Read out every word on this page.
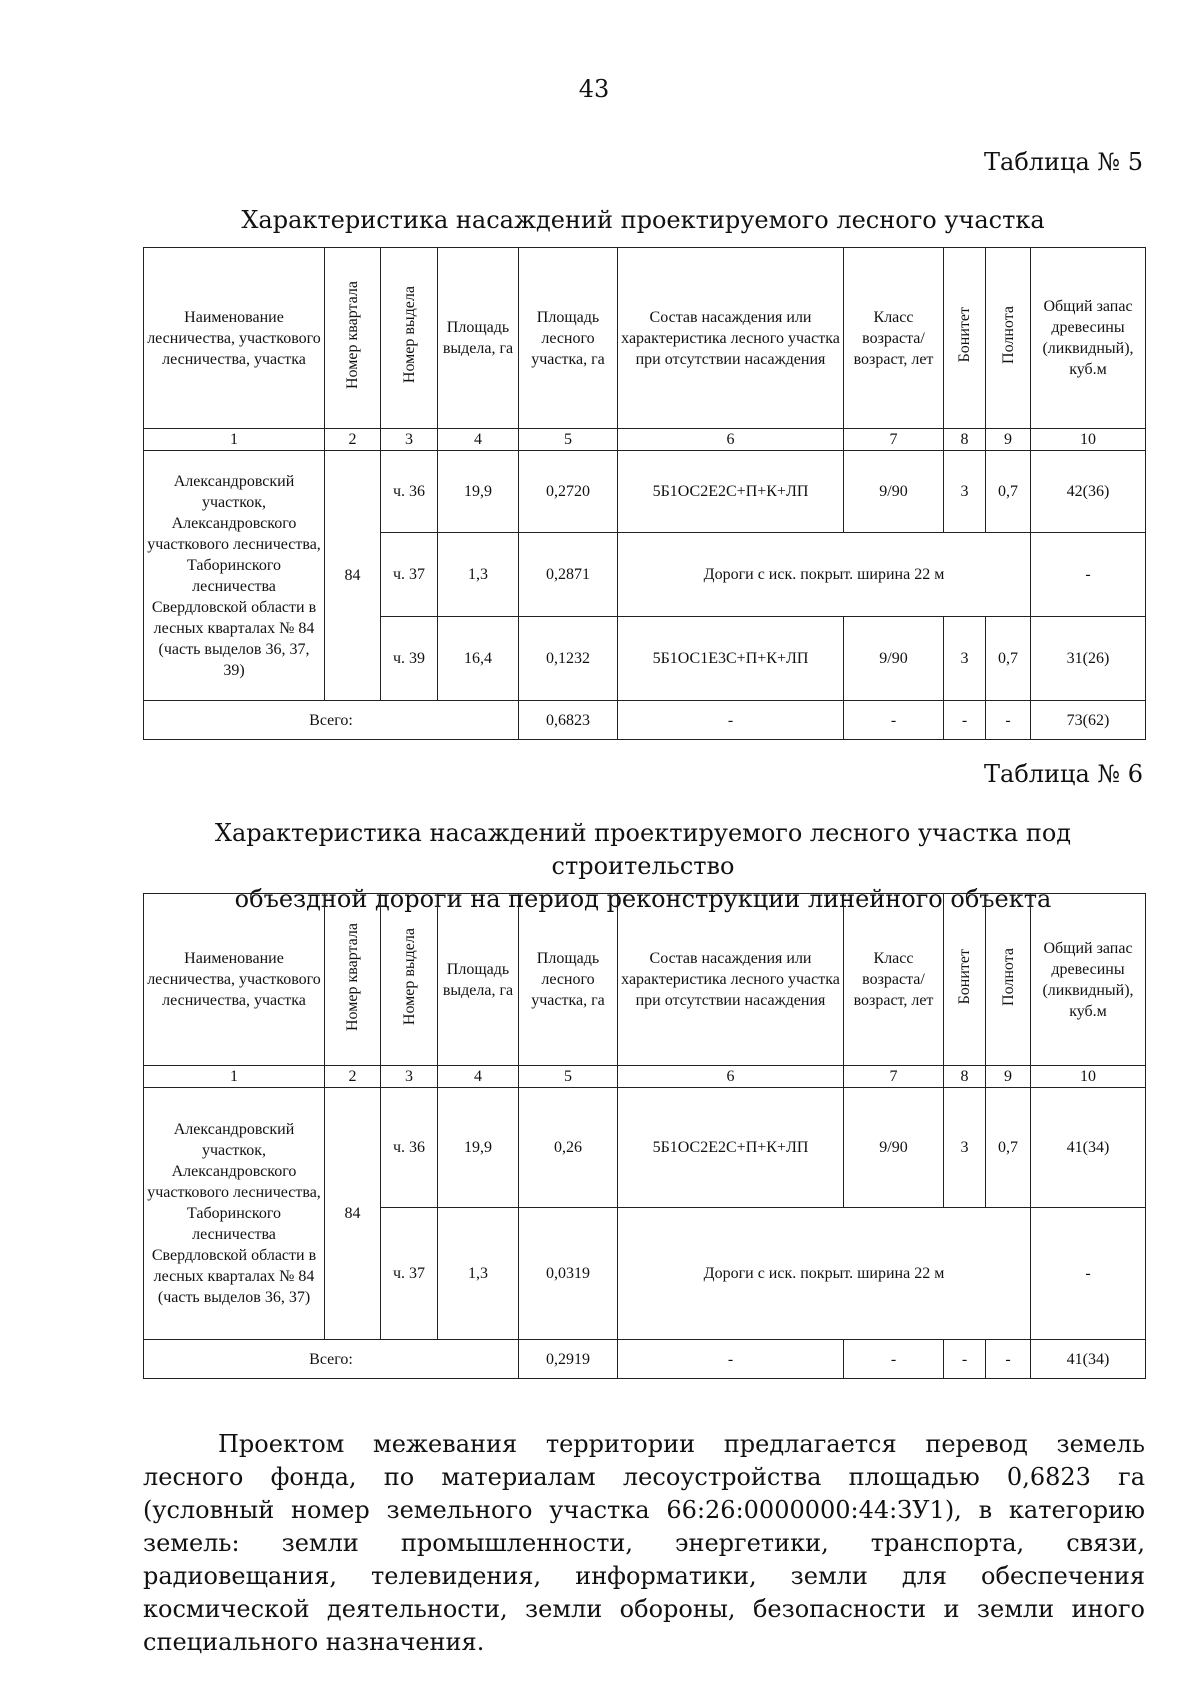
43
Таблица № 5
Характеристика насаждений проектируемого лесного участка
Наименование лесничества, участкового лесничества, участка	Номер квартала	Номер выдела	Площадь выдела, га	Площадь лесного участка, га	Состав насаждения или характеристика лесного участка при отсутствии насаждения	Класс возраста/ возраст, лет	Бонитет	Полнота	Общий запас древесины (ликвидный), куб.м
1	2	3	4	5	6	7	8	9	10
Александровский участкок, Александровского участкового лесничества, Таборинского лесничества Свердловской области в лесных кварталах № 84 (часть выделов 36, 37, 39)	84	ч. 36	19,9	0,2720	5Б1ОС2Е2С+П+К+ЛП	9/90	3	0,7	42(36)
		ч. 37	1,3	0,2871	Дороги с иск. покрыт. ширина 22 м				-
		ч. 39	16,4	0,1232	5Б1ОС1Е3С+П+К+ЛП	9/90	3	0,7	31(26)
Всего:				0,6823	-	-	-	-	73(62)
Таблица № 6
Характеристика насаждений проектируемого лесного участка под строительство
объездной дороги на период реконструкции линейного объекта
Наименование лесничества, участкового лесничества, участка	Номер квартала	Номер выдела	Площадь выдела, га	Площадь лесного участка, га	Состав насаждения или характеристика лесного участка при отсутствии насаждения	Класс возраста/ возраст, лет	Бонитет	Полнота	Общий запас древесины (ликвидный), куб.м
1	2	3	4	5	6	7	8	9	10
Александровский участкок, Александровского участкового лесничества, Таборинского лесничества Свердловской области в лесных кварталах № 84 (часть выделов 36, 37)	84	ч. 36	19,9	0,26	5Б1ОС2Е2С+П+К+ЛП	9/90	3	0,7	41(34)
		ч. 37	1,3	0,0319	Дороги с иск. покрыт. ширина 22 м				-
Всего:				0,2919	-	-	-	-	41(34)

Проектом межевания территории предлагается перевод земель лесного фонда, по материалам лесоустройства площадью 0,6823 га (условный номер земельного участка 66:26:0000000:44:ЗУ1), в категорию земель: земли промышленности, энергетики, транспорта, связи, радиовещания, телевидения, информатики, земли для обеспечения космической деятельности, земли обороны, безопасности и земли иного специального назначения.
